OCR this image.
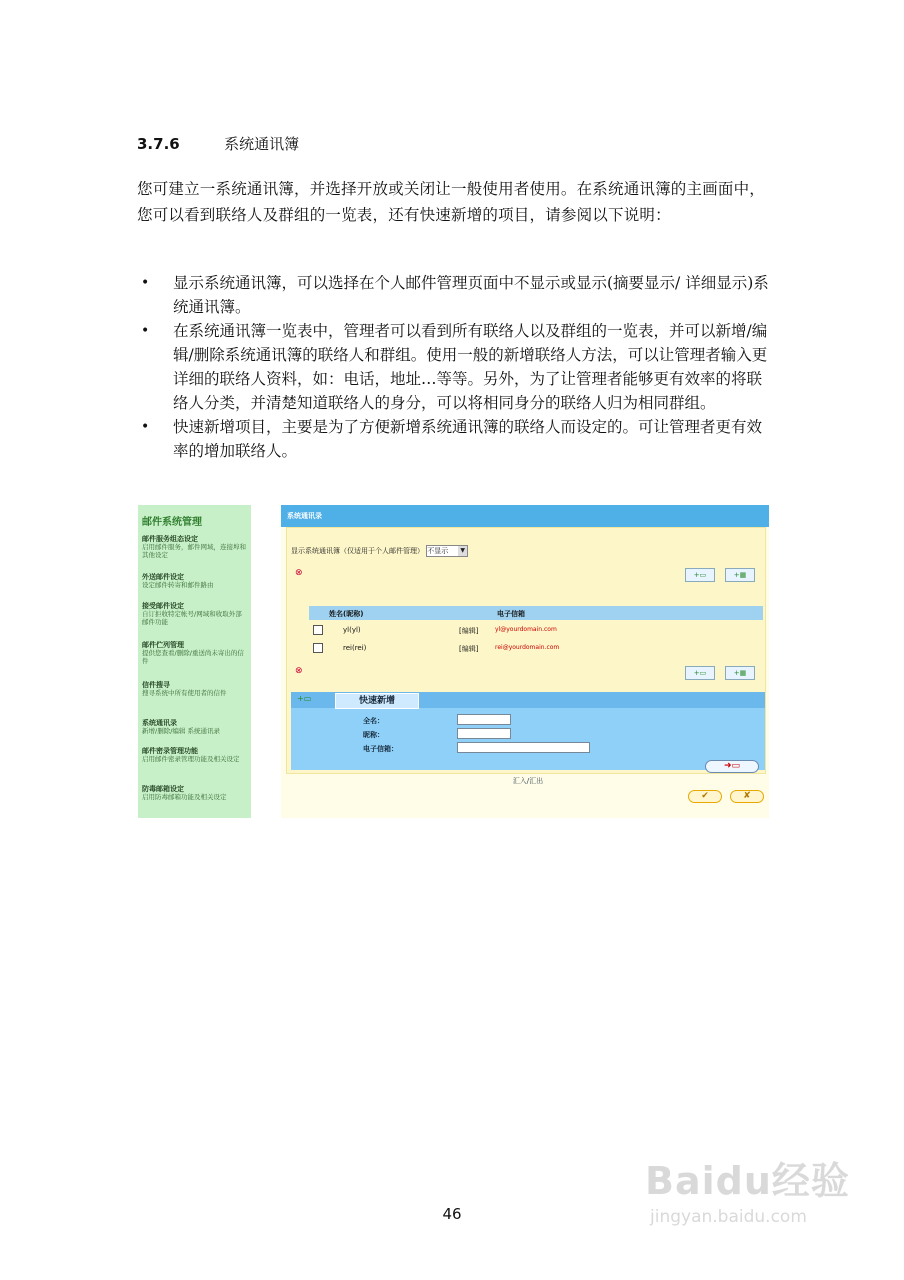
3.7.6	系统通讯簿
您可建立一系统通讯簿，并选择开放或关闭让一般使用者使用。在系统通讯簿的主画面中，您可以看到联络人及群组的一览表，还有快速新增的项目，请参阅以下说明：
• 显示系统通讯簿，可以选择在个人邮件管理页面中不显示或显示(摘要显示/ 详细显示)系统通讯簿。
• 在系统通讯簿一览表中，管理者可以看到所有联络人以及群组的一览表，并可以新增/编辑/删除系统通讯簿的联络人和群组。使用一般的新增联络人方法，可以让管理者输入更详细的联络人资料，如：电话，地址…等等。另外，为了让管理者能够更有效率的将联络人分类，并清楚知道联络人的身分，可以将相同身分的联络人归为相同群组。
• 快速新增项目，主要是为了方便新增系统通讯簿的联络人而设定的。可让管理者更有效率的增加联络人。
邮件系统管理
邮件服务组态设定
启用邮件服务，邮件网域，连接埠和其他设定
外送邮件设定
设定邮件转寄和邮件路由
接受邮件设定
自订拒收特定帐号/网域和收取外部邮件功能
邮件伫列管理
提供您查看/删除/重送尚未寄出的信件
信件搜寻
搜寻系统中所有使用者的信件
系统通讯录
新增/删除/编辑 系统通讯录
邮件密录管理功能
启用邮件密录管理功能及相关设定
防毒邮箱设定
启用防毒邮箱功能及相关设定
系统通讯录
显示系统通讯簿（仅适用于个人邮件管理） 不显示	▼
⊗	+▭	+▦
姓名(昵称)	电子信箱
yl(yl)	[编辑]	yl@yourdomain.com
rei(rei)	[编辑]	rei@yourdomain.com
⊗	+▭	+▦
+▭	快速新增
全名：
昵称：
电子信箱：
➜▭
汇入/汇出
✔	✘
46
Baidu经验
jingyan.baidu.com
